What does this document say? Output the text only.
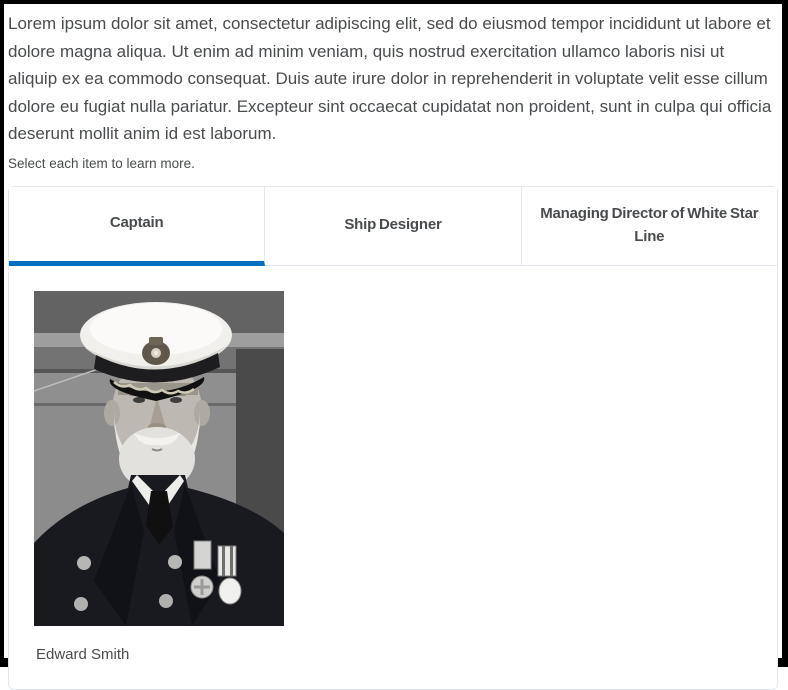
Lorem ipsum dolor sit amet, consectetur adipiscing elit, sed do eiusmod tempor incididunt ut labore et dolore magna aliqua. Ut enim ad minim veniam, quis nostrud exercitation ullamco laboris nisi ut aliquip ex ea commodo consequat. Duis aute irure dolor in reprehenderit in voluptate velit esse cillum dolore eu fugiat nulla pariatur. Excepteur sint occaecat cupidatat non proident, sunt in culpa qui officia deserunt mollit anim id est laborum.

Select each item to learn more.

Captain	Ship Designer
Managing Director of White Star Line

Edward Smith
